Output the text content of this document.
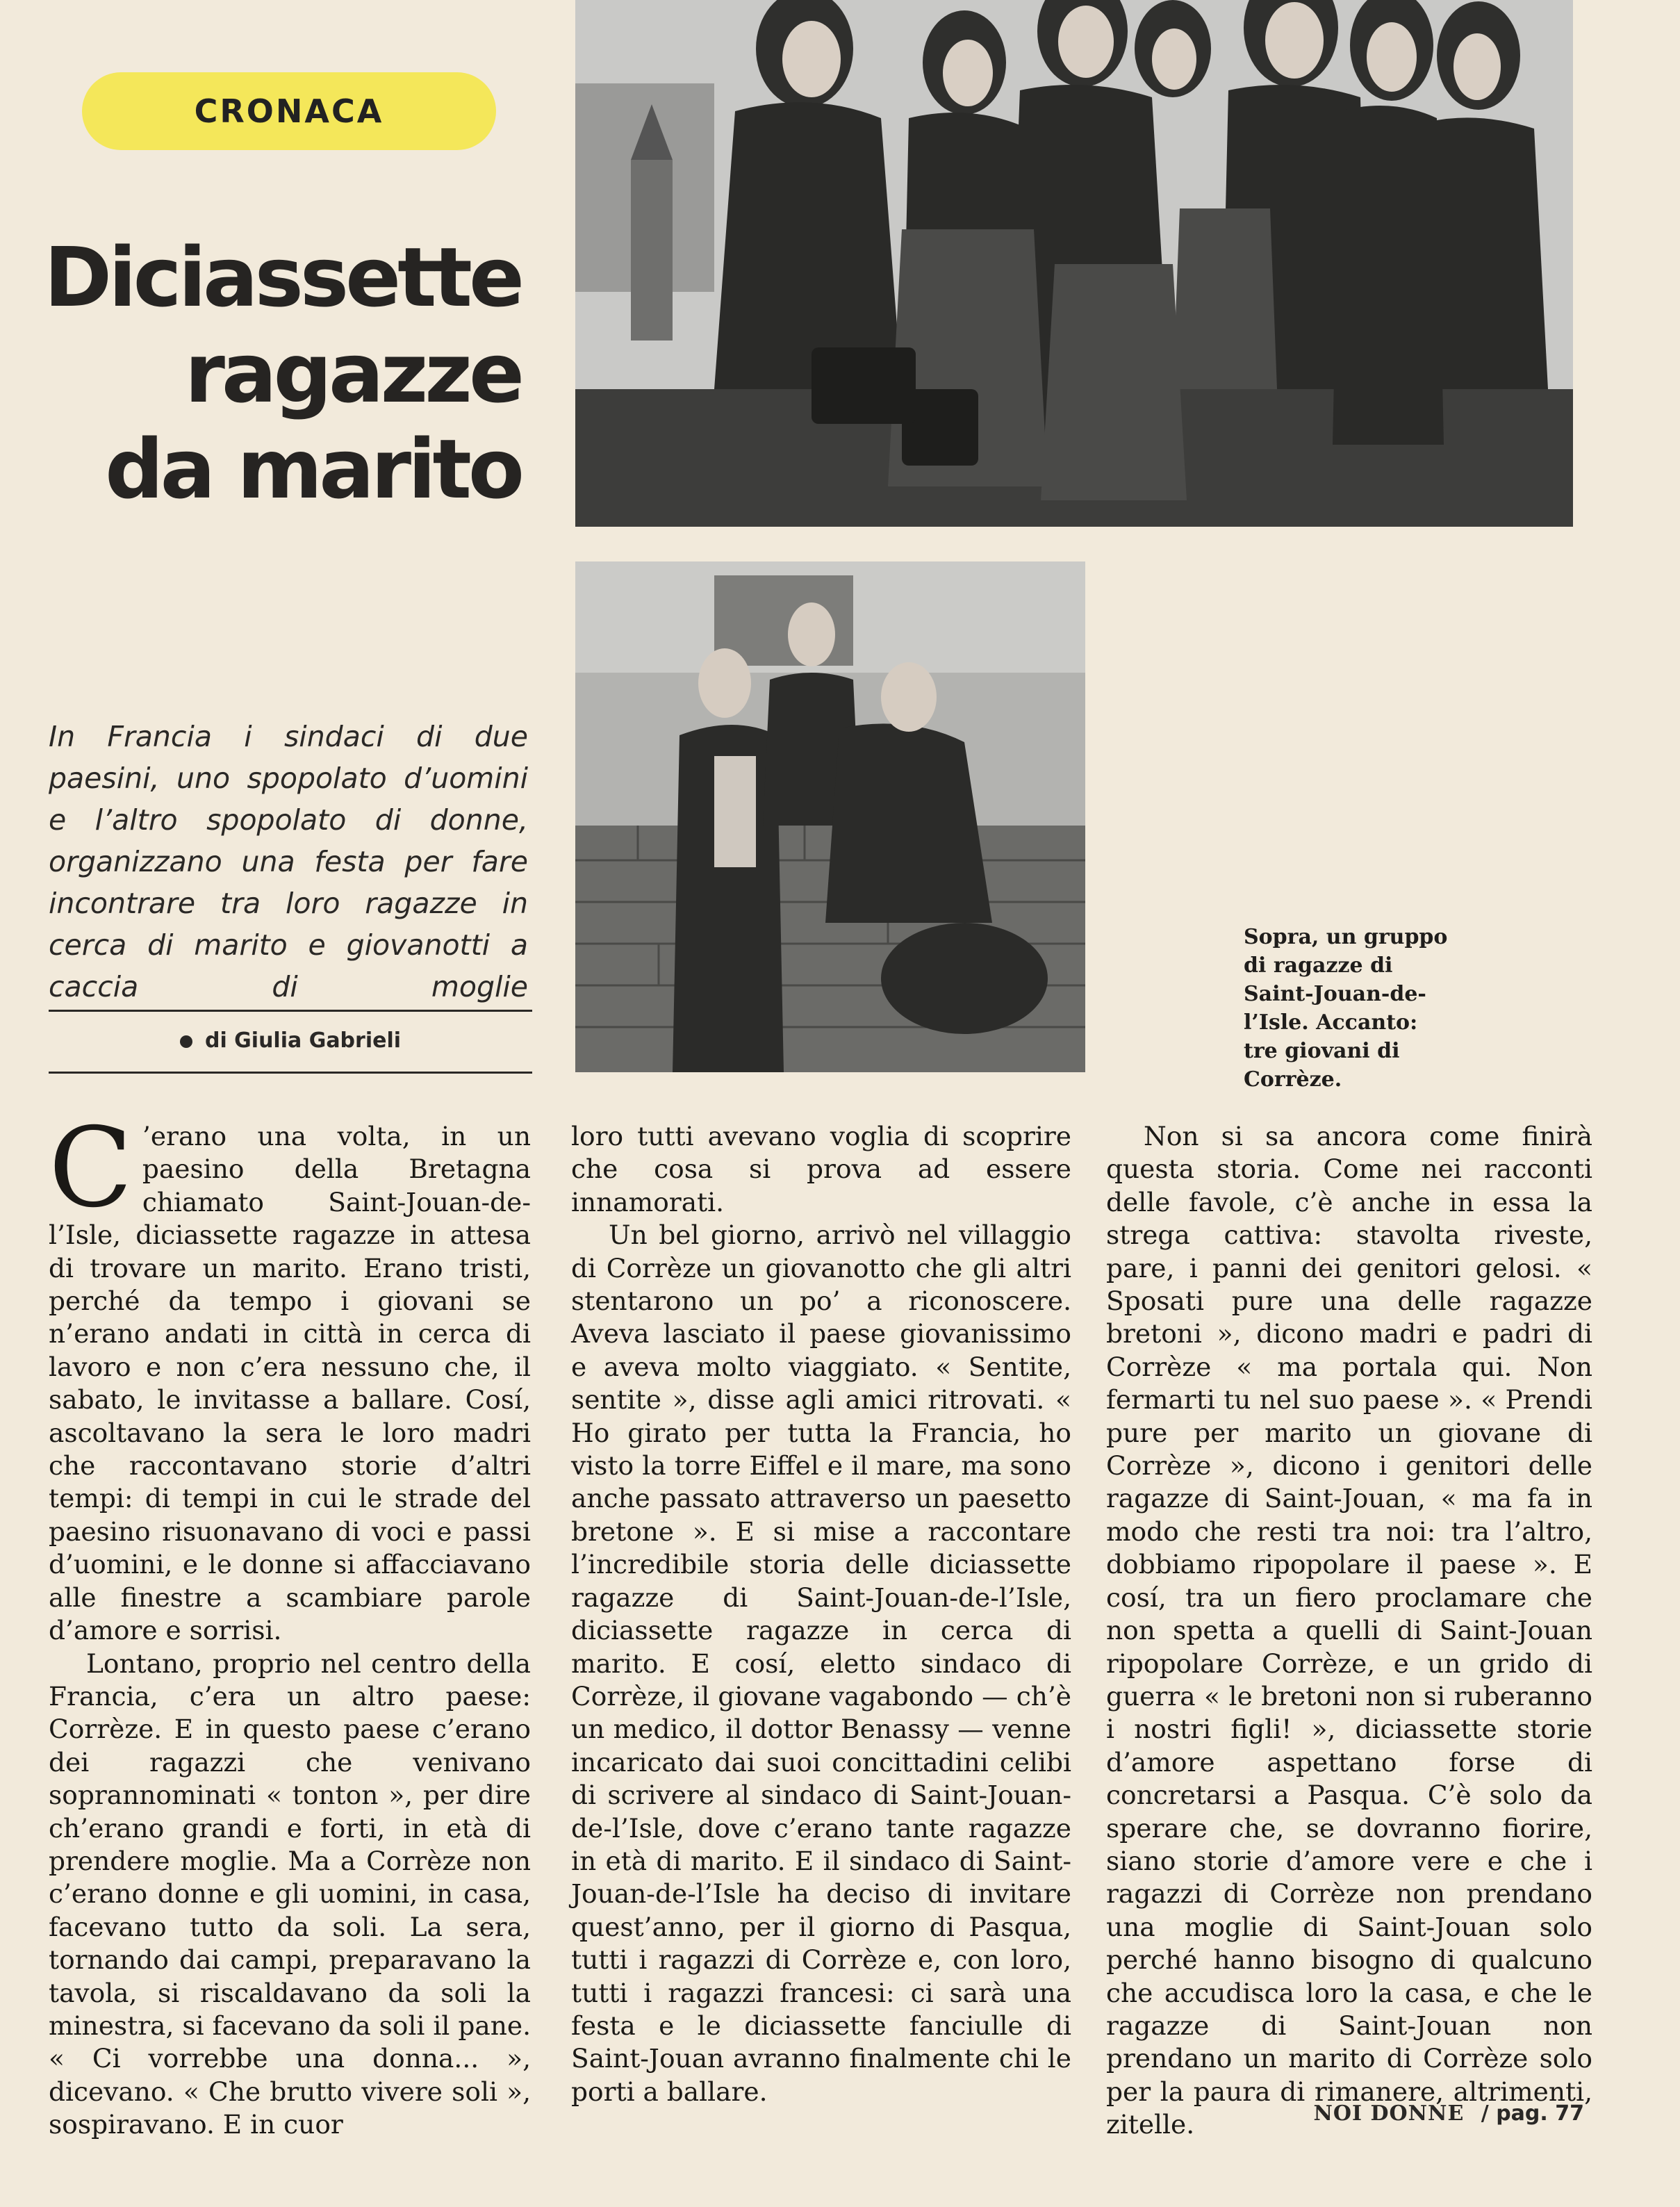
CRONACA
Diciassette
ragazze
da marito
In Francia i sindaci di due paesini, uno spopolato d’uomini e l’altro spopolato di donne, organizzano una festa per fare incontrare tra loro ragazze in cerca di marito e giovanotti a caccia di moglie
di Giulia Gabrieli
Sopra, un gruppo di ragazze di Saint-Jouan-de-l’Isle. Accanto: tre giovani di Corrèze.

C ’erano una volta, in un paesino della Bretagna chiamato Saint-Jouan-de-l’Isle, diciassette ragazze in attesa di trovare un marito. Erano tristi, perché da tempo i giovani se n’erano andati in città in cerca di lavoro e non c’era nessuno che, il sabato, le invitasse a ballare. Cosí, ascoltavano la sera le loro madri che raccontavano storie d’altri tempi: di tempi in cui le strade del paesino risuonavano di voci e passi d’uomini, e le donne si affacciavano alle finestre a scambiare parole d’amore e sorrisi.

Lontano, proprio nel centro della Francia, c’era un altro paese: Corrèze. E in questo paese c’erano dei ragazzi che venivano soprannominati « tonton », per dire ch’erano grandi e forti, in età di prendere moglie. Ma a Corrèze non c’erano donne e gli uomini, in casa, facevano tutto da soli. La sera, tornando dai campi, preparavano la tavola, si riscaldavano da soli la minestra, si facevano da soli il pane. « Ci vorrebbe una donna... », dicevano. « Che brutto vivere soli », sospiravano. E in cuor

loro tutti avevano voglia di scoprire che cosa si prova ad essere innamorati.

Un bel giorno, arrivò nel villaggio di Corrèze un giovanotto che gli altri stentarono un po’ a riconoscere. Aveva lasciato il paese giovanissimo e aveva molto viaggiato. « Sentite, sentite », disse agli amici ritrovati. « Ho girato per tutta la Francia, ho visto la torre Eiffel e il mare, ma sono anche passato attraverso un paesetto bretone ». E si mise a raccontare l’incredibile storia delle diciassette ragazze di Saint-Jouan-de-l’Isle, diciassette ragazze in cerca di marito. E cosí, eletto sindaco di Corrèze, il giovane vagabondo — ch’è un medico, il dottor Benassy — venne incaricato dai suoi concittadini celibi di scrivere al sindaco di Saint-Jouan-de-l’Isle, dove c’erano tante ragazze in età di marito. E il sindaco di Saint-Jouan-de-l’Isle ha deciso di invitare quest’anno, per il giorno di Pasqua, tutti i ragazzi di Corrèze e, con loro, tutti i ragazzi francesi: ci sarà una festa e le diciassette fanciulle di Saint-Jouan avranno finalmente chi le porti a ballare.

Non si sa ancora come finirà questa storia. Come nei racconti delle favole, c’è anche in essa la strega cattiva: stavolta riveste, pare, i panni dei genitori gelosi. « Sposati pure una delle ragazze bretoni », dicono madri e padri di Corrèze « ma portala qui. Non fermarti tu nel suo paese ». « Prendi pure per marito un giovane di Corrèze », dicono i genitori delle ragazze di Saint-Jouan, « ma fa in modo che resti tra noi: tra l’altro, dobbiamo ripopolare il paese ». E cosí, tra un fiero proclamare che non spetta a quelli di Saint-Jouan ripopolare Corrèze, e un grido di guerra « le bretoni non si ruberanno i nostri figli! », diciassette storie d’amore aspettano forse di concretarsi a Pasqua. C’è solo da sperare che, se dovranno fiorire, siano storie d’amore vere e che i ragazzi di Corrèze non prendano una moglie di Saint-Jouan solo perché hanno bisogno di qualcuno che accudisca loro la casa, e che le ragazze di Saint-Jouan non prendano un marito di Corrèze solo per la paura di rimanere, altrimenti, zitelle.	NOI DONNE / pag. 77
